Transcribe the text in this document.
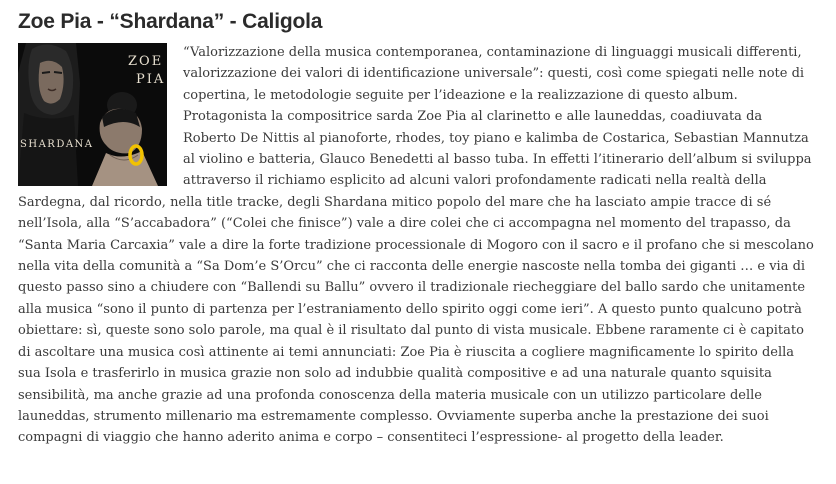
Zoe Pia - “Shardana” - Caligola
ZOE
PIA
SHARDANA

“Valorizzazione della musica contemporanea, contaminazione di linguaggi musicali differenti, valorizzazione dei valori di identificazione universale”: questi, così come spiegati nelle note di copertina, le metodologie seguite per l’ideazione e la realizzazione di questo album. Protagonista la compositrice sarda Zoe Pia al clarinetto e alle launeddas, coadiuvata da Roberto De Nittis al pianoforte, rhodes, toy piano e kalimba de Costarica, Sebastian Mannutza al violino e batteria, Glauco Benedetti al basso tuba. In effetti l’itinerario dell’album si sviluppa attraverso il richiamo esplicito ad alcuni valori profondamente radicati nella realtà della Sardegna, dal ricordo, nella title tracke, degli Shardana mitico popolo del mare che ha lasciato ampie tracce di sé nell’Isola, alla “S’accabadora” (“Colei che finisce”) vale a dire colei che ci accompagna nel momento del trapasso, da “Santa Maria Carcaxia” vale a dire la forte tradizione processionale di Mogoro con il sacro e il profano che si mescolano nella vita della comunità a “Sa Dom’e S’Orcu” che ci racconta delle energie nascoste nella tomba dei giganti … e via di questo passo sino a chiudere con “Ballendi su Ballu” ovvero il tradizionale riecheggiare del ballo sardo che unitamente alla musica “sono il punto di partenza per l’estraniamento dello spirito oggi come ieri”. A questo punto qualcuno potrà obiettare: sì, queste sono solo parole, ma qual è il risultato dal punto di vista musicale. Ebbene raramente ci è capitato di ascoltare una musica così attinente ai temi annunciati: Zoe Pia è riuscita a cogliere magnificamente lo spirito della sua Isola e trasferirlo in musica grazie non solo ad indubbie qualità compositive e ad una naturale quanto squisita sensibilità, ma anche grazie ad una profonda conoscenza della materia musicale con un utilizzo particolare delle launeddas, strumento millenario ma estremamente complesso. Ovviamente superba anche la prestazione dei suoi compagni di viaggio che hanno aderito anima e corpo – consentiteci l’espressione- al progetto della leader.
